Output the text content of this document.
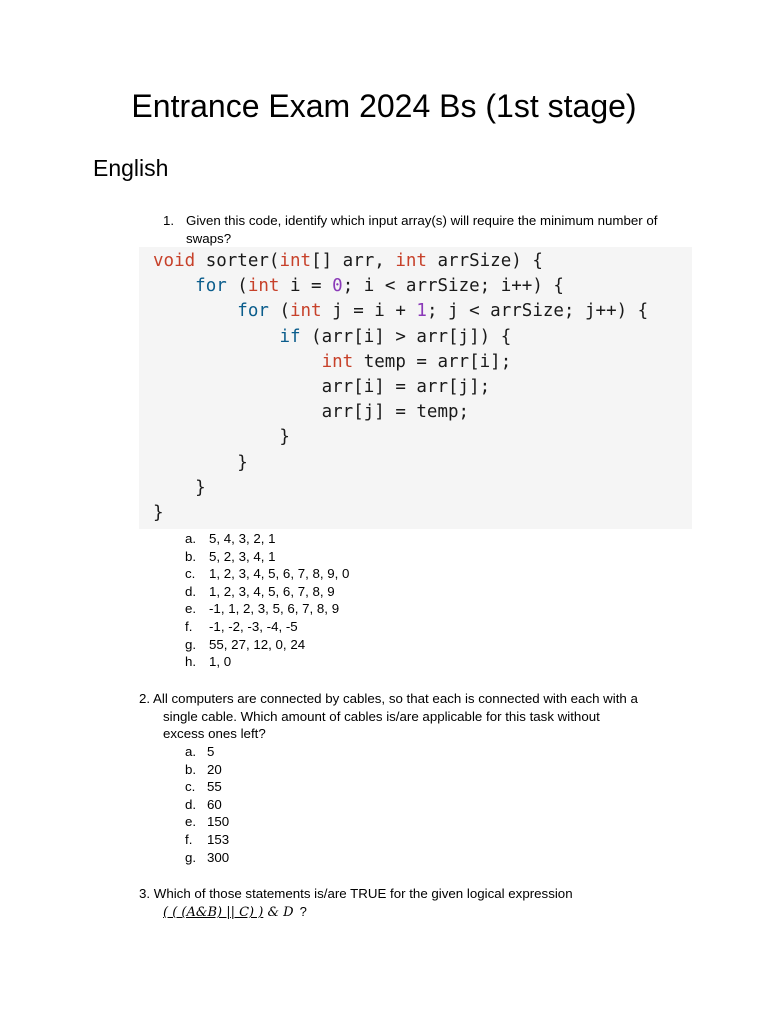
Entrance Exam 2024 Bs (1st stage)
English
1. Given this code, identify which input array(s) will require the minimum number of swaps?
void sorter(int[] arr, int arrSize) {
for (int i = 0; i < arrSize; i++) {
for (int j = i + 1; j < arrSize; j++) {
if (arr[i] > arr[j]) {
int temp = arr[i];
arr[i] = arr[j];
arr[j] = temp;
}
}
}
}
a. 5, 4, 3, 2, 1
b. 5, 2, 3, 4, 1
c. 1, 2, 3, 4, 5, 6, 7, 8, 9, 0
d. 1, 2, 3, 4, 5, 6, 7, 8, 9
e. -1, 1, 2, 3, 5, 6, 7, 8, 9
f. -1, -2, -3, -4, -5
g. 55, 27, 12, 0, 24
h. 1, 0
2. All computers are connected by cables, so that each is connected with each with a
single cable. Which amount of cables is/are applicable for this task without
excess ones left?
a. 5
b. 20
c. 55
d. 60
e. 150
f. 153
g. 300
3. Which of those statements is/are TRUE for the given logical expression
( ( (A&B) || C) ) & D ?
